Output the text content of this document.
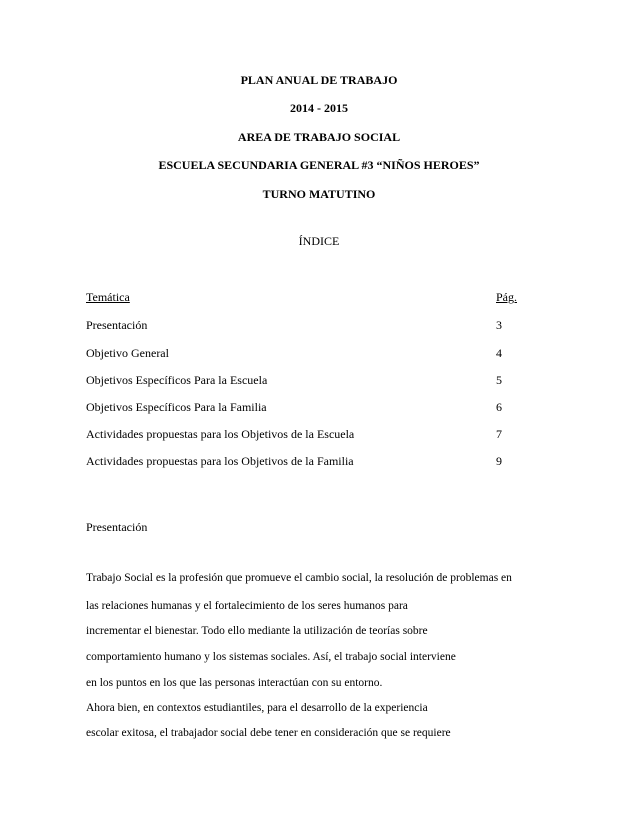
PLAN ANUAL DE TRABAJO
2014 - 2015
AREA DE TRABAJO SOCIAL
ESCUELA SECUNDARIA GENERAL #3 “NIÑOS HEROES”
TURNO MATUTINO
ÍNDICE
Temática	Pág.
Presentación	3
Objetivo General	4
Objetivos Específicos Para la Escuela	5
Objetivos Específicos Para la Familia	6
Actividades propuestas para los Objetivos de la Escuela	7
Actividades propuestas para los Objetivos de la Familia	9
Presentación
Trabajo Social es la profesión que promueve el cambio social, la resolución de problemas en
las relaciones humanas y el fortalecimiento de los seres humanos para
incrementar el bienestar. Todo ello mediante la utilización de teorías sobre
comportamiento humano y los sistemas sociales. Así, el trabajo social interviene
en los puntos en los que las personas interactúan con su entorno.
Ahora bien, en contextos estudiantiles, para el desarrollo de la experiencia
escolar exitosa, el trabajador social debe tener en consideración que se requiere
